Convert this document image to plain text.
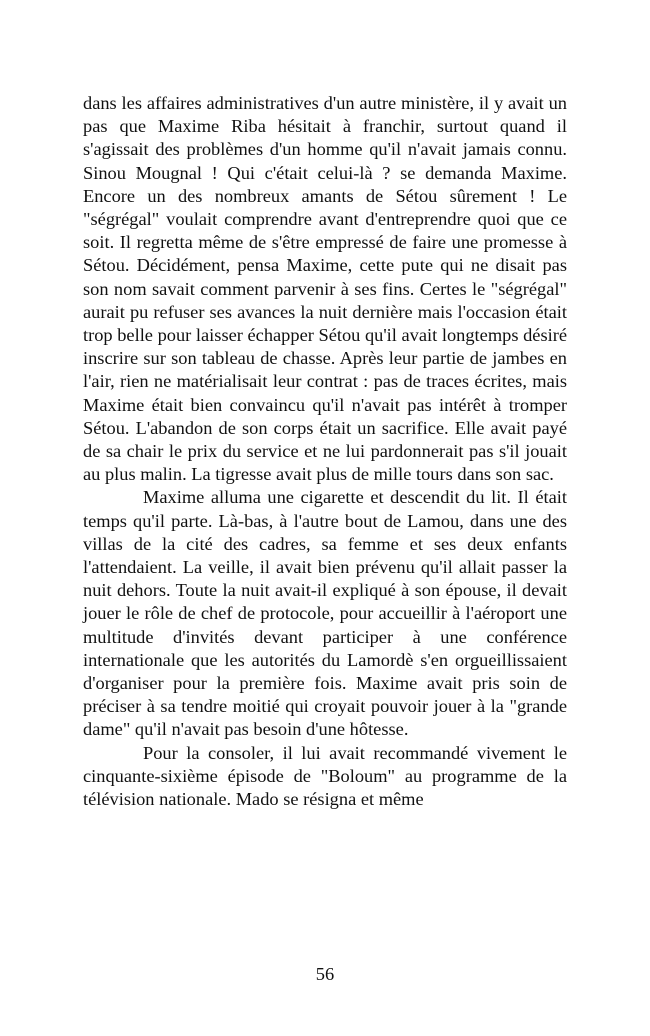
dans les affaires administratives d'un autre ministère, il y avait un pas que Maxime Riba hésitait à franchir, surtout quand il s'agissait des problèmes d'un homme qu'il n'avait jamais connu. Sinou Mougnal ! Qui c'était celui-là ? se demanda Maxime. Encore un des nombreux amants de Sétou sûrement ! Le "ségrégal" voulait comprendre avant d'entreprendre quoi que ce soit. Il regretta même de s'être empressé de faire une promesse à Sétou. Décidément, pensa Maxime, cette pute qui ne disait pas son nom savait comment parvenir à ses fins. Certes le "ségrégal" aurait pu refuser ses avances la nuit dernière mais l'occasion était trop belle pour laisser échapper Sétou qu'il avait longtemps désiré inscrire sur son tableau de chasse. Après leur partie de jambes en l'air, rien ne matérialisait leur contrat : pas de traces écrites, mais Maxime était bien convaincu qu'il n'avait pas intérêt à tromper Sétou. L'abandon de son corps était un sacrifice. Elle avait payé de sa chair le prix du service et ne lui pardonnerait pas s'il jouait au plus malin. La tigresse avait plus de mille tours dans son sac.

Maxime alluma une cigarette et descendit du lit. Il était temps qu'il parte. Là-bas, à l'autre bout de Lamou, dans une des villas de la cité des cadres, sa femme et ses deux enfants l'attendaient. La veille, il avait bien prévenu qu'il allait passer la nuit dehors. Toute la nuit avait-il expliqué à son épouse, il devait jouer le rôle de chef de protocole, pour accueillir à l'aéroport une multitude d'invités devant participer à une conférence internationale que les autorités du Lamordè s'en orgueillissaient d'organiser pour la première fois. Maxime avait pris soin de préciser à sa tendre moitié qui croyait pouvoir jouer à la "grande dame" qu'il n'avait pas besoin d'une hôtesse.

Pour la consoler, il lui avait recommandé vivement le cinquante-sixième épisode de "Boloum" au programme de la télévision nationale. Mado se résigna et même

56
